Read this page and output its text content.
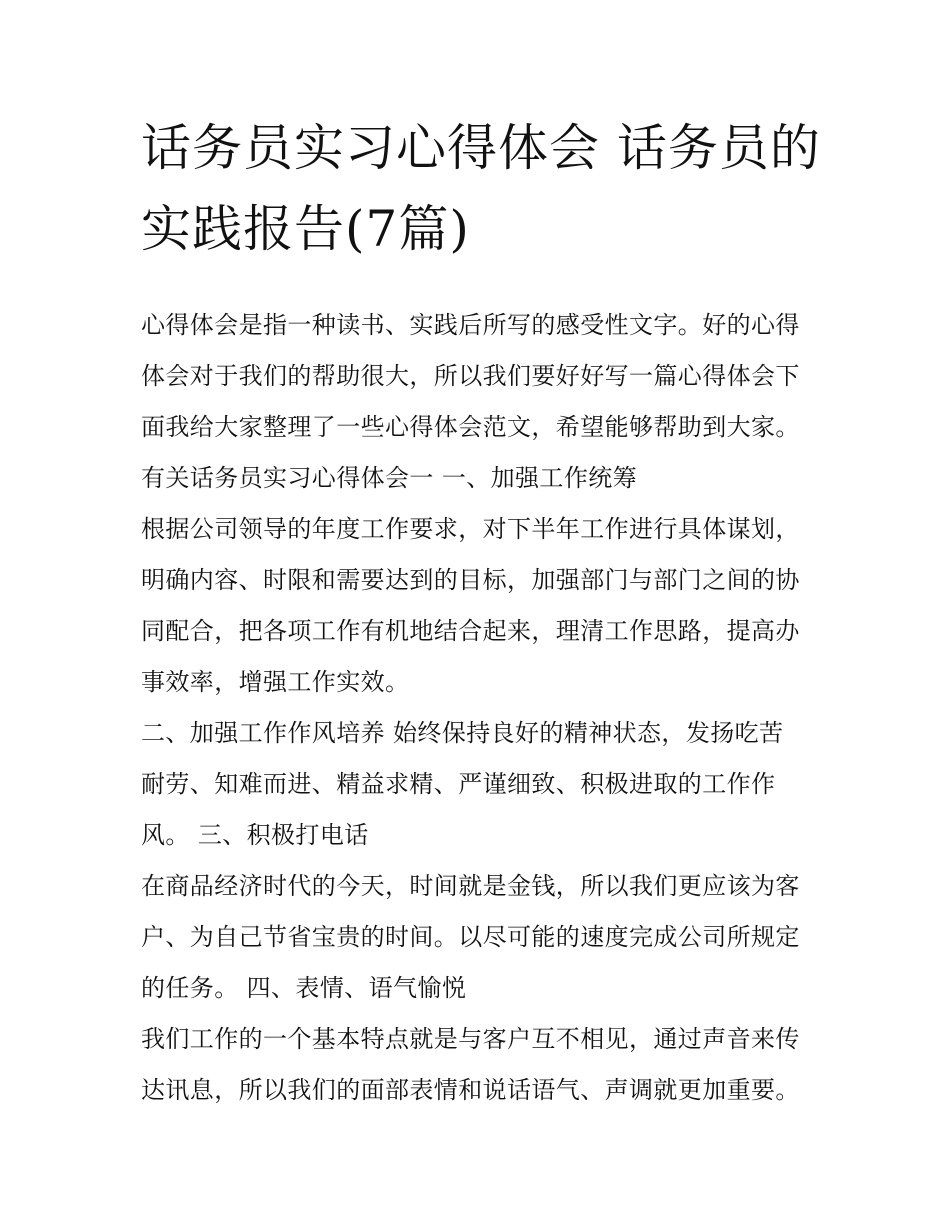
话务员实习心得体会 话务员的
实践报告(7篇)
心得体会是指一种读书、实践后所写的感受性文字。好的心得
体会对于我们的帮助很大，所以我们要好好写一篇心得体会下
面我给大家整理了一些心得体会范文，希望能够帮助到大家。
有关话务员实习心得体会一 一、加强工作统筹
根据公司领导的年度工作要求，对下半年工作进行具体谋划，
明确内容、时限和需要达到的目标，加强部门与部门之间的协
同配合，把各项工作有机地结合起来，理清工作思路，提高办
事效率，增强工作实效。
二、加强工作作风培养 始终保持良好的精神状态，发扬吃苦
耐劳、知难而进、精益求精、严谨细致、积极进取的工作作
风。 三、积极打电话
在商品经济时代的今天，时间就是金钱，所以我们更应该为客
户、为自己节省宝贵的时间。以尽可能的速度完成公司所规定
的任务。 四、表情、语气愉悦
我们工作的一个基本特点就是与客户互不相见，通过声音来传
达讯息，所以我们的面部表情和说话语气、声调就更加重要。
